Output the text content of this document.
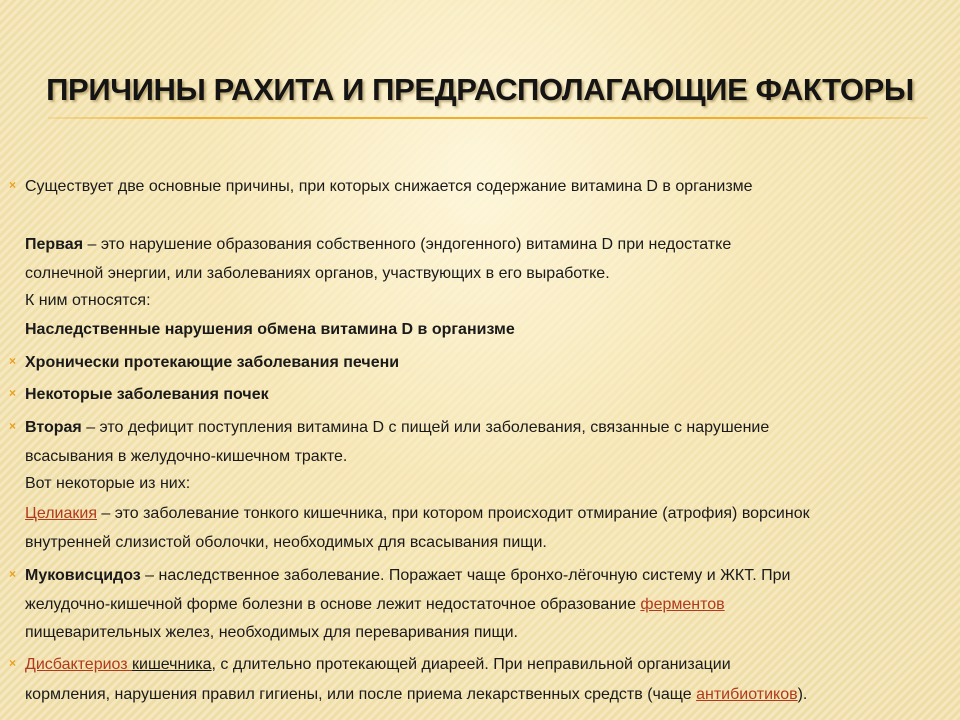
ПРИЧИНЫ РАХИТА И ПРЕДРАСПОЛАГАЮЩИЕ ФАКТОРЫ
× Существует две основные причины, при которых снижается содержание витамина D в организме
Первая – это нарушение образования собственного (эндогенного) витамина D при недостатке
солнечной энергии, или заболеваниях органов, участвующих в его выработке.
К ним относятся:
Наследственные нарушения обмена витамина D в организме
× Хронически протекающие заболевания печени
× Некоторые заболевания почек
× Вторая – это дефицит поступления витамина D с пищей или заболевания, связанные с нарушение
всасывания в желудочно-кишечном тракте.
Вот некоторые из них:
Целиакия – это заболевание тонкого кишечника, при котором происходит отмирание (атрофия) ворсинок
внутренней слизистой оболочки, необходимых для всасывания пищи.
× Муковисцидоз – наследственное заболевание. Поражает чаще бронхо-лёгочную систему и ЖКТ. При
желудочно-кишечной форме болезни в основе лежит недостаточное образование ферментов
пищеварительных желез, необходимых для переваривания пищи.
× Дисбактериоз кишечника, с длительно протекающей диареей. При неправильной организации
кормления, нарушения правил гигиены, или после приема лекарственных средств (чаще антибиотиков).
